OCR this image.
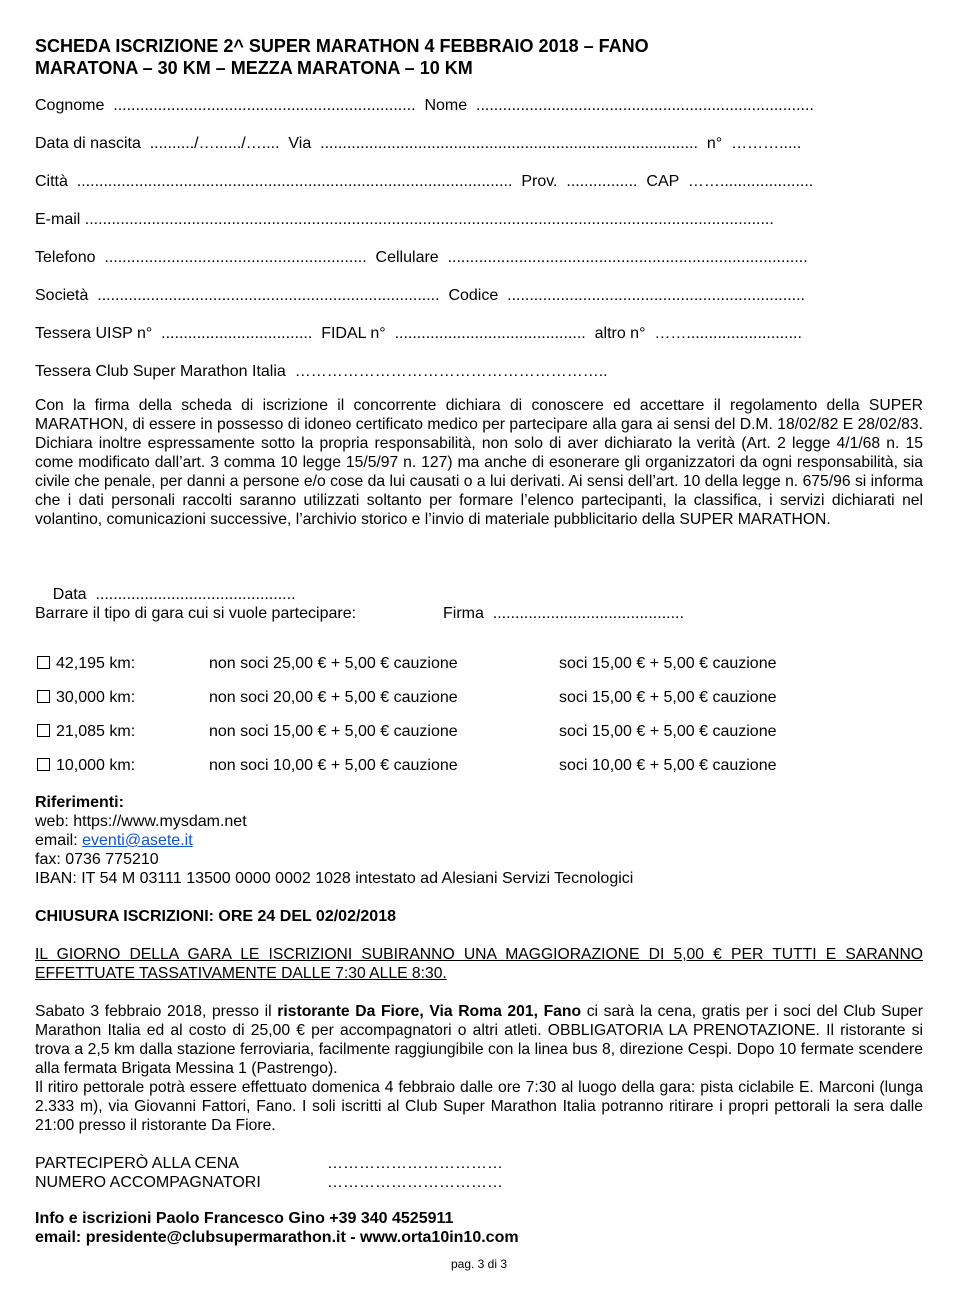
SCHEDA ISCRIZIONE 2^ SUPER MARATHON 4 FEBBRAIO 2018 – FANO
MARATONA – 30 KM – MEZZA MARATONA – 10 KM
Cognome  ....................................................................  Nome  ............................................................................
Data di nascita  ........../…....../…....  Via  .....................................................................................  n°  ……….....
Città  ..................................................................................................  Prov.  ................  CAP  …….....................
E-mail ...........................................................................................................................................................
Telefono  ...........................................................  Cellulare  .................................................................................
Società  .............................................................................  Codice  ...................................................................
Tessera UISP n°  ..................................  FIDAL n°  ...........................................  altro n°  ……..........................
Tessera Club Super Marathon Italia  …………………………………………………..
Con la firma della scheda di iscrizione il concorrente dichiara di conoscere ed accettare il regolamento della SUPER MARATHON, di essere in possesso di idoneo certificato medico per partecipare alla gara ai sensi del D.M. 18/02/82 E 28/02/83. Dichiara inoltre espressamente sotto la propria responsabilità, non solo di aver dichiarato la verità (Art. 2 legge 4/1/68 n. 15 come modificato dall’art. 3 comma 10 legge 15/5/97 n. 127) ma anche di esonerare gli organizzatori da ogni responsabilità, sia civile che penale, per danni a persone e/o cose da lui causati o a lui derivati. Ai sensi dell’art. 10 della legge n. 675/96 si informa che i dati personali raccolti saranno utilizzati soltanto per formare l’elenco partecipanti, la classifica, i servizi dichiarati nel volantino, comunicazioni successive, l’archivio storico e l’invio di materiale pubblicitario della SUPER MARATHON.

Data  .............................................

Firma  ...........................................

Barrare il tipo di gara cui si vuole partecipare:
42,195 km:	non soci 25,00 € + 5,00 € cauzione	soci 15,00 € + 5,00 € cauzione
30,000 km:	non soci 20,00 € + 5,00 € cauzione	soci 15,00 € + 5,00 € cauzione
21,085 km:	non soci 15,00 € + 5,00 € cauzione	soci 15,00 € + 5,00 € cauzione
10,000 km:	non soci 10,00 € + 5,00 € cauzione	soci 10,00 € + 5,00 € cauzione
Riferimenti:
web: https://www.mysdam.net
email: eventi@asete.it
fax: 0736 775210
IBAN: IT 54 M 03111 13500 0000 0002 1028 intestato ad Alesiani Servizi Tecnologici
CHIUSURA ISCRIZIONI: ORE 24 DEL 02/02/2018
IL GIORNO DELLA GARA LE ISCRIZIONI SUBIRANNO UNA MAGGIORAZIONE DI 5,00 € PER TUTTI E SARANNO EFFETTUATE TASSATIVAMENTE DALLE 7:30 ALLE 8:30.
Sabato 3 febbraio 2018, presso il ristorante Da Fiore, Via Roma 201, Fano ci sarà la cena, gratis per i soci del Club Super Marathon Italia ed al costo di 25,00 € per accompagnatori o altri atleti. OBBLIGATORIA LA PRENOTAZIONE. Il ristorante si trova a 2,5 km dalla stazione ferroviaria, facilmente raggiungibile con la linea bus 8, direzione Cespi. Dopo 10 fermate scendere alla fermata Brigata Messina 1 (Pastrengo).
Il ritiro pettorale potrà essere effettuato domenica 4 febbraio dalle ore 7:30 al luogo della gara: pista ciclabile E. Marconi (lunga 2.333 m), via Giovanni Fattori, Fano. I soli iscritti al Club Super Marathon Italia potranno ritirare i propri pettorali la sera dalle 21:00 presso il ristorante Da Fiore.
PARTECIPERÒ ALLA CENA	……………………………
NUMERO ACCOMPAGNATORI	……………………………
Info e iscrizioni Paolo Francesco Gino +39 340 4525911
email: presidente@clubsupermarathon.it - www.orta10in10.com
pag. 3 di 3
